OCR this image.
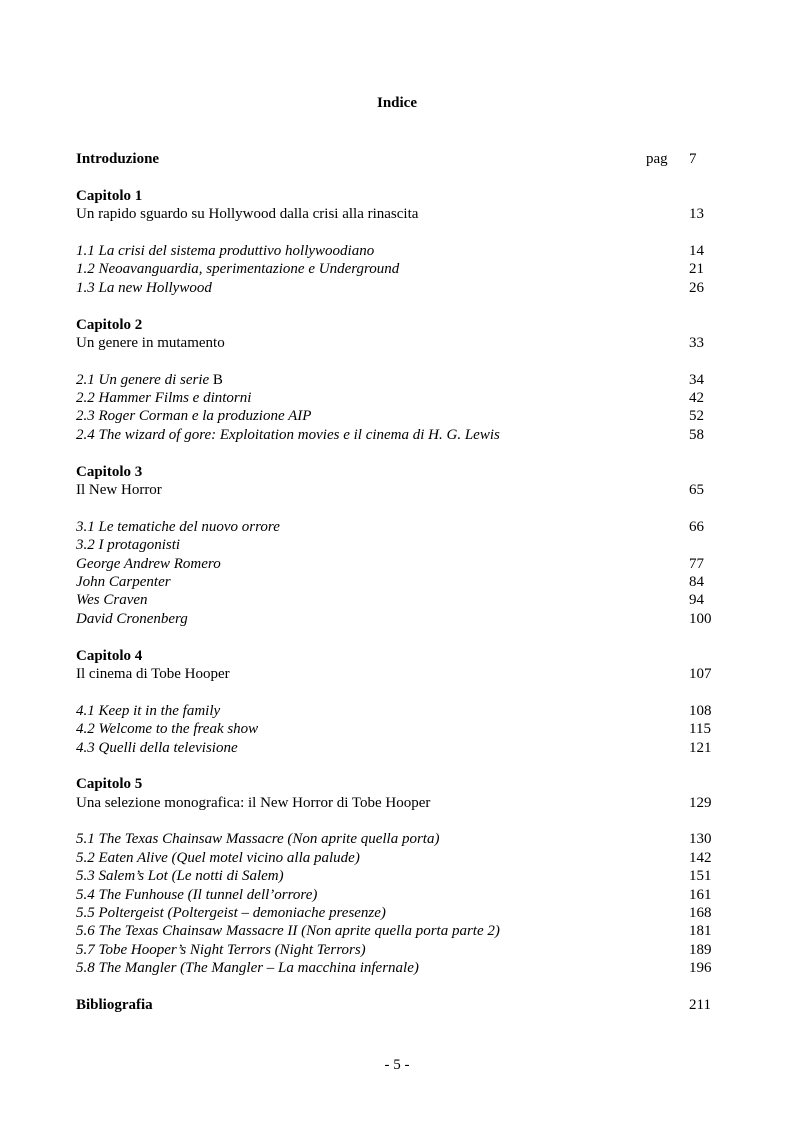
Indice
Introduzione	pag 7
Capitolo 1
Un rapido sguardo su Hollywood dalla crisi alla rinascita	13
1.1 La crisi del sistema produttivo hollywoodiano	14
1.2 Neoavanguardia, sperimentazione e Underground	21
1.3 La new Hollywood	26
Capitolo 2
Un genere in mutamento	33
2.1 Un genere di serie B	34
2.2 Hammer Films e dintorni	42
2.3 Roger Corman e la produzione AIP	52
2.4 The wizard of gore: Exploitation movies e il cinema di H. G. Lewis	58
Capitolo 3
Il New Horror	65
3.1 Le tematiche del nuovo orrore	66
3.2 I protagonisti
George Andrew Romero	77
John Carpenter	84
Wes Craven	94
David Cronenberg	100
Capitolo 4
Il cinema di Tobe Hooper	107
4.1 Keep it in the family	108
4.2 Welcome to the freak show	115
4.3 Quelli della televisione	121
Capitolo 5
Una selezione monografica: il New Horror di Tobe Hooper	129
5.1 The Texas Chainsaw Massacre (Non aprite quella porta)	130
5.2 Eaten Alive (Quel motel vicino alla palude)	142
5.3 Salem’s Lot (Le notti di Salem)	151
5.4 The Funhouse (Il tunnel dell’orrore)	161
5.5 Poltergeist (Poltergeist – demoniache presenze)	168
5.6 The Texas Chainsaw Massacre II (Non aprite quella porta parte 2)	181
5.7 Tobe Hooper’s Night Terrors (Night Terrors)	189
5.8 The Mangler (The Mangler – La macchina infernale)	196
Bibliografia	211
- 5 -
